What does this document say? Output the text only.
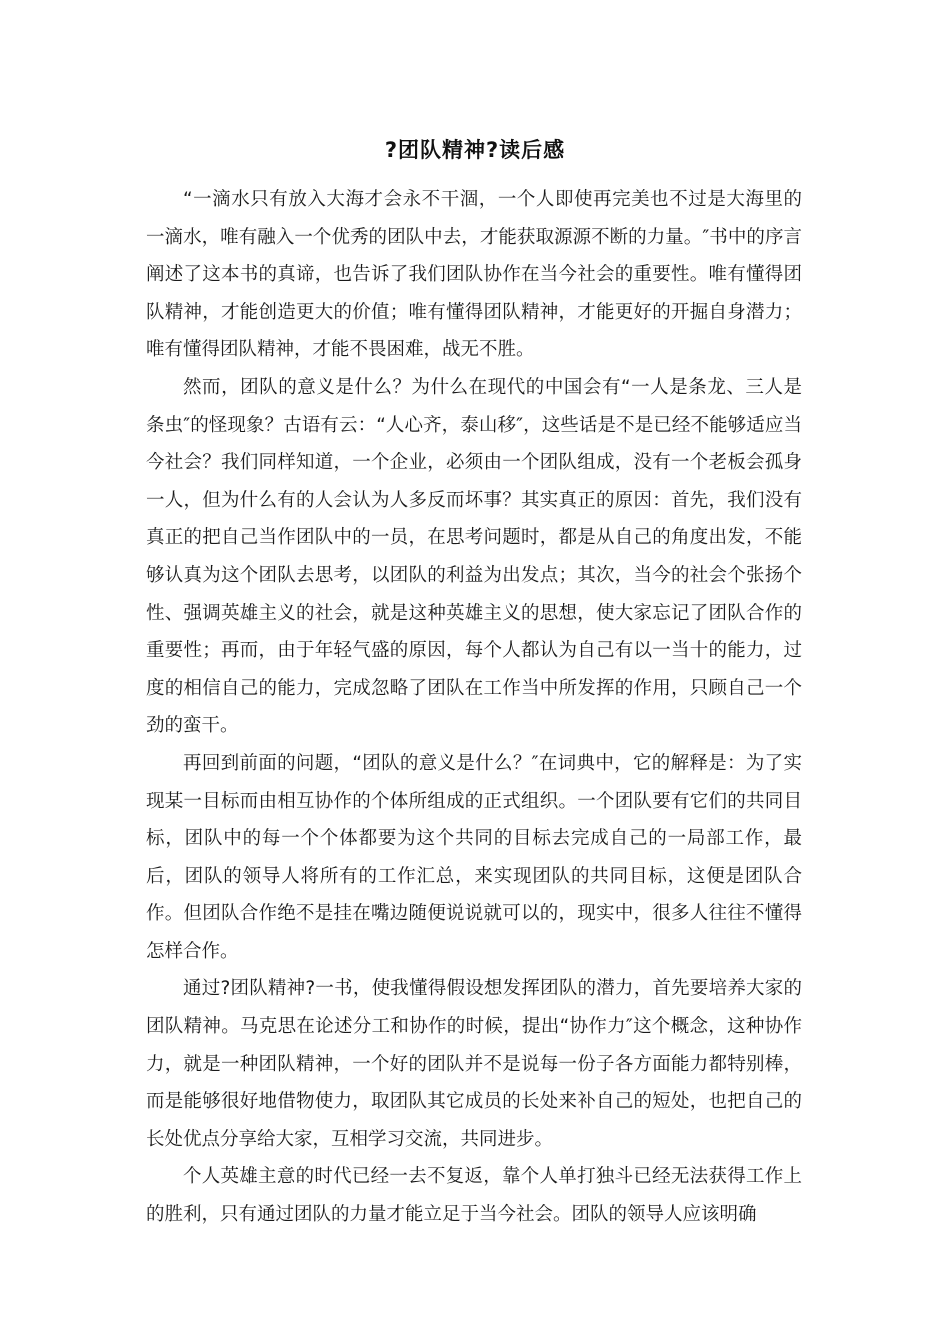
?团队精神?读后感

“一滴水只有放入大海才会永不干涸，一个人即使再完美也不过是大海里的一滴水，唯有融入一个优秀的团队中去，才能获取源源不断的力量。″书中的序言阐述了这本书的真谛，也告诉了我们团队协作在当今社会的重要性。唯有懂得团队精神，才能创造更大的价值；唯有懂得团队精神，才能更好的开掘自身潜力；唯有懂得团队精神，才能不畏困难，战无不胜。

然而，团队的意义是什么？为什么在现代的中国会有“一人是条龙、三人是条虫″的怪现象？古语有云：“人心齐，泰山移″，这些话是不是已经不能够适应当今社会？我们同样知道，一个企业，必须由一个团队组成，没有一个老板会孤身一人，但为什么有的人会认为人多反而坏事？其实真正的原因：首先，我们没有真正的把自己当作团队中的一员，在思考问题时，都是从自己的角度出发，不能够认真为这个团队去思考，以团队的利益为出发点；其次，当今的社会个张扬个性、强调英雄主义的社会，就是这种英雄主义的思想，使大家忘记了团队合作的重要性；再而，由于年轻气盛的原因，每个人都认为自己有以一当十的能力，过度的相信自己的能力，完成忽略了团队在工作当中所发挥的作用，只顾自己一个劲的蛮干。

再回到前面的问题，“团队的意义是什么？″在词典中，它的解释是：为了实现某一目标而由相互协作的个体所组成的正式组织。一个团队要有它们的共同目标，团队中的每一个个体都要为这个共同的目标去完成自己的一局部工作，最后，团队的领导人将所有的工作汇总，来实现团队的共同目标，这便是团队合作。但团队合作绝不是挂在嘴边随便说说就可以的，现实中，很多人往往不懂得怎样合作。

通过?团队精神?一书，使我懂得假设想发挥团队的潜力，首先要培养大家的团队精神。马克思在论述分工和协作的时候，提出“协作力″这个概念，这种协作力，就是一种团队精神，一个好的团队并不是说每一份子各方面能力都特别棒，而是能够很好地借物使力，取团队其它成员的长处来补自己的短处，也把自己的长处优点分享给大家，互相学习交流，共同进步。

个人英雄主意的时代已经一去不复返，靠个人单打独斗已经无法获得工作上的胜利，只有通过团队的力量才能立足于当今社会。团队的领导人应该明确
